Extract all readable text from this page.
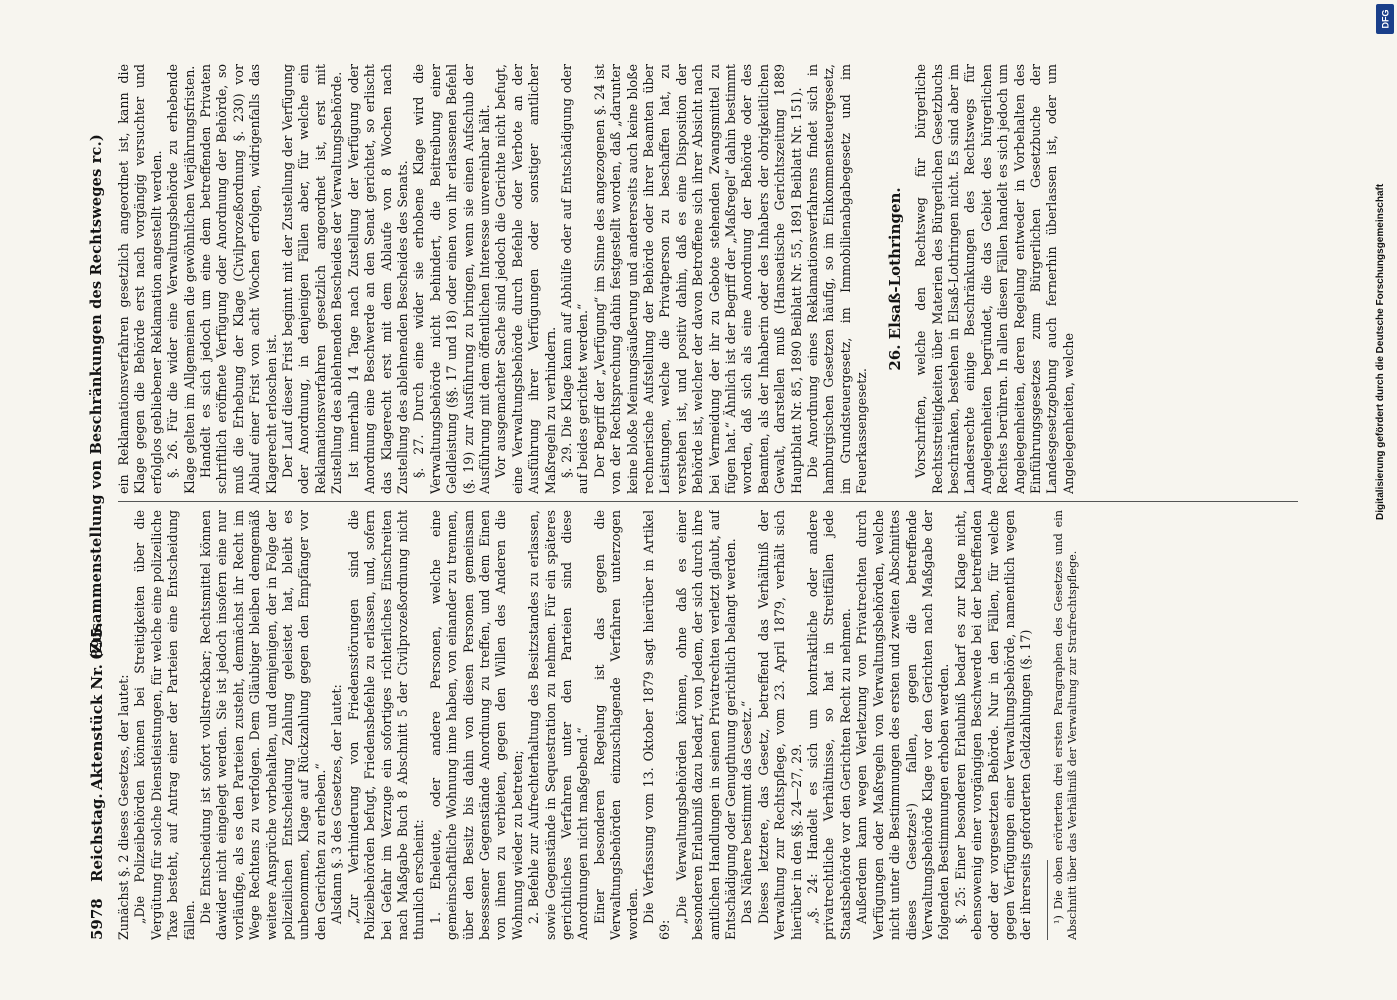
5978
Reichstag.
Aktenstück Nr. 895.
(Zusammenstellung von Beschränkungen des Rechtsweges rc.)

Zunächst §. 2 dieses Gesetzes, der lautet: „Die Polizeibehörden können bei Streitigkeiten über die Vergütung für solche Dienstleistungen, für welche eine polizeiliche Taxe besteht, auf Antrag einer der Parteien eine Entscheidung fällen. Die Entscheidung ist sofort vollstreckbar; Rechtsmittel können dawider nicht eingelegt werden. Sie ist jedoch insofern eine nur vorläufige, als es den Parteien zusteht, demnächst ihr Recht im Wege Rechtens zu verfolgen. Dem Gläubiger bleiben demgemäß weitere Ansprüche vorbehalten, und demjenigen, der in Folge der polizeilichen Entscheidung Zahlung geleistet hat, bleibt es unbenommen, Klage auf Rückzahlung gegen den Empfänger vor den Gerichten zu erheben.“ Alsdann §. 3 des Gesetzes, der lautet: „Zur Verhinderung von Friedensstörungen sind die Polizeibehörden befugt, Friedensbefehle zu erlassen, und, sofern bei Gefahr im Verzuge ein sofortiges richterliches Einschreiten nach Maßgabe Buch 8 Abschnitt 5 der Civilprozeßordnung nicht thunlich erscheint: 1. Eheleute, oder andere Personen, welche eine gemeinschaftliche Wohnung inne haben, von einander zu trennen, über den Besitz bis dahin von diesen Personen gemeinsam besessener Gegenstände Anordnung zu treffen, und dem Einen von ihnen zu verbieten, gegen den Willen des Anderen die Wohnung wieder zu betreten; 2. Befehle zur Aufrechterhaltung des Besitzstandes zu erlassen, sowie Gegenstände in Sequestration zu nehmen. Für ein späteres gerichtliches Verfahren unter den Parteien sind diese Anordnungen nicht maßgebend.“ Einer besonderen Regelung ist das gegen die Verwaltungsbehörden einzuschlagende Verfahren unterzogen worden. Die Verfassung vom 13. Oktober 1879 sagt hierüber in Artikel 69:

„Die Verwaltungsbehörden können, ohne daß es einer besonderen Erlaubniß dazu bedarf, von Jedem, der sich durch ihre amtlichen Handlungen in seinen Privatrechten verletzt glaubt, auf Entschädigung oder Genugthuung gerichtlich belangt werden. Das Nähere bestimmt das Gesetz.“ Dieses letztere, das Gesetz, betreffend das Verhältniß der Verwaltung zur Rechtspflege, vom 23. April 1879, verhält sich hierüber in den §§. 24—27, 29. „§. 24: Handelt es sich um kontraktliche oder andere privatrechtliche Verhältnisse, so hat in Streitfällen jede Staatsbehörde vor den Gerichten Recht zu nehmen. Außerdem kann wegen Verletzung von Privatrechten durch Verfügungen oder Maßregeln von Verwaltungsbehörden, welche nicht unter die Bestimmungen des ersten und zweiten Abschnittes dieses Gesetzes¹) fallen, gegen die betreffende Verwaltungsbehörde Klage vor den Gerichten nach Maßgabe der folgenden Bestimmungen erhoben werden. §. 25: Einer besonderen Erlaubniß bedarf es zur Klage nicht, ebensowenig einer vorgängigen Beschwerde bei der betreffenden oder der vorgesetzten Behörde. Nur in den Fällen, für welche gegen Verfügungen einer Verwaltungsbehörde, namentlich wegen der ihrerseits geforderten Geldzahlungen (§. 17) ¹) Die oben erörterten drei ersten Paragraphen des Gesetzes und ein Abschnitt über das Verhältniß der Verwaltung zur Strafrechtspflege.

ein Reklamationsverfahren gesetzlich angeordnet ist, kann die Klage gegen die Behörde erst nach vorgängig versuchter und erfolglos gebliebener Reklamation angestellt werden. §. 26. Für die wider eine Verwaltungsbehörde zu erhebende Klage gelten im Allgemeinen die gewöhnlichen Verjährungsfristen. Handelt es sich jedoch um eine dem betreffenden Privaten schriftlich eröffnete Verfügung oder Anordnung der Behörde, so muß die Erhebung der Klage (Civilprozeßordnung §. 230) vor Ablauf einer Frist von acht Wochen erfolgen, widrigenfalls das Klagerecht erloschen ist. Der Lauf dieser Frist beginnt mit der Zustellung der Verfügung oder Anordnung, in denjenigen Fällen aber, für welche ein Reklamationsverfahren gesetzlich angeordnet ist, erst mit Zustellung des ablehnenden Bescheides der Verwaltungsbehörde. Ist innerhalb 14 Tage nach Zustellung der Verfügung oder Anordnung eine Beschwerde an den Senat gerichtet, so erlischt das Klagerecht erst mit dem Ablaufe von 8 Wochen nach Zustellung des ablehnenden Bescheides des Senats. §. 27. Durch eine wider sie erhobene Klage wird die Verwaltungsbehörde nicht behindert, die Beitreibung einer Geldleistung (§§. 17 und 18) oder einen von ihr erlassenen Befehl (§. 19) zur Ausführung zu bringen, wenn sie einen Aufschub der Ausführung mit dem öffentlichen Interesse unvereinbar hält. Vor ausgemachter Sache sind jedoch die Gerichte nicht befugt, eine Verwaltungsbehörde durch Befehle oder Verbote an der Ausführung ihrer Verfügungen oder sonstiger amtlicher Maßregeln zu verhindern. §. 29. Die Klage kann auf Abhülfe oder auf Entschädigung oder auf beides gerichtet werden.“ Der Begriff der „Verfügung“ im Sinne des angezogenen §. 24 ist von der Rechtsprechung dahin festgestellt worden, daß „darunter keine bloße Meinungsäußerung und andererseits auch keine bloße rechnerische Aufstellung der Behörde oder ihrer Beamten über Leistungen, welche die Privatperson zu beschaffen hat, zu verstehen ist, und positiv dahin, daß es eine Disposition der Behörde ist, welcher der davon Betroffene sich ihrer Absicht nach bei Vermeidung der ihr zu Gebote stehenden Zwangsmittel zu fügen hat.“ Ähnlich ist der Begriff der „Maßregel“ dahin bestimmt worden, daß sich als eine Anordnung der Behörde oder des Beamten, als der Inhaberin oder des Inhabers der obrigkeitlichen Gewalt, darstellen muß (Hanseatische Gerichtszeitung 1889 Hauptblatt Nr. 85, 1890 Beiblatt Nr. 55, 1891 Beiblatt Nr. 151). Die Anordnung eines Reklamationsverfahrens findet sich in hamburgischen Gesetzen häufig, so im Einkommensteuergesetz, im Grundsteuergesetz, im Immobilienabgabegesetz und im Feuerkassengesetz.

26. Elsaß-Lothringen. Vorschriften, welche den Rechtsweg für bürgerliche Rechtsstreitigkeiten über Materien des Bürgerlichen Gesetzbuchs beschränken, bestehen in Elsaß-Lothringen nicht. Es sind aber im Landesrechte einige Beschränkungen des Rechtswegs für Angelegenheiten begründet, die das Gebiet des bürgerlichen Rechtes berühren. In allen diesen Fällen handelt es sich jedoch um Angelegenheiten, deren Regelung entweder in Vorbehalten des Einführungsgesetzes zum Bürgerlichen Gesetzbuche der Landesgesetzgebung auch fernerhin überlassen ist, oder um Angelegenheiten, welche

DFG
Digitalisierung gefördert durch die Deutsche Forschungsgemeinschaft
